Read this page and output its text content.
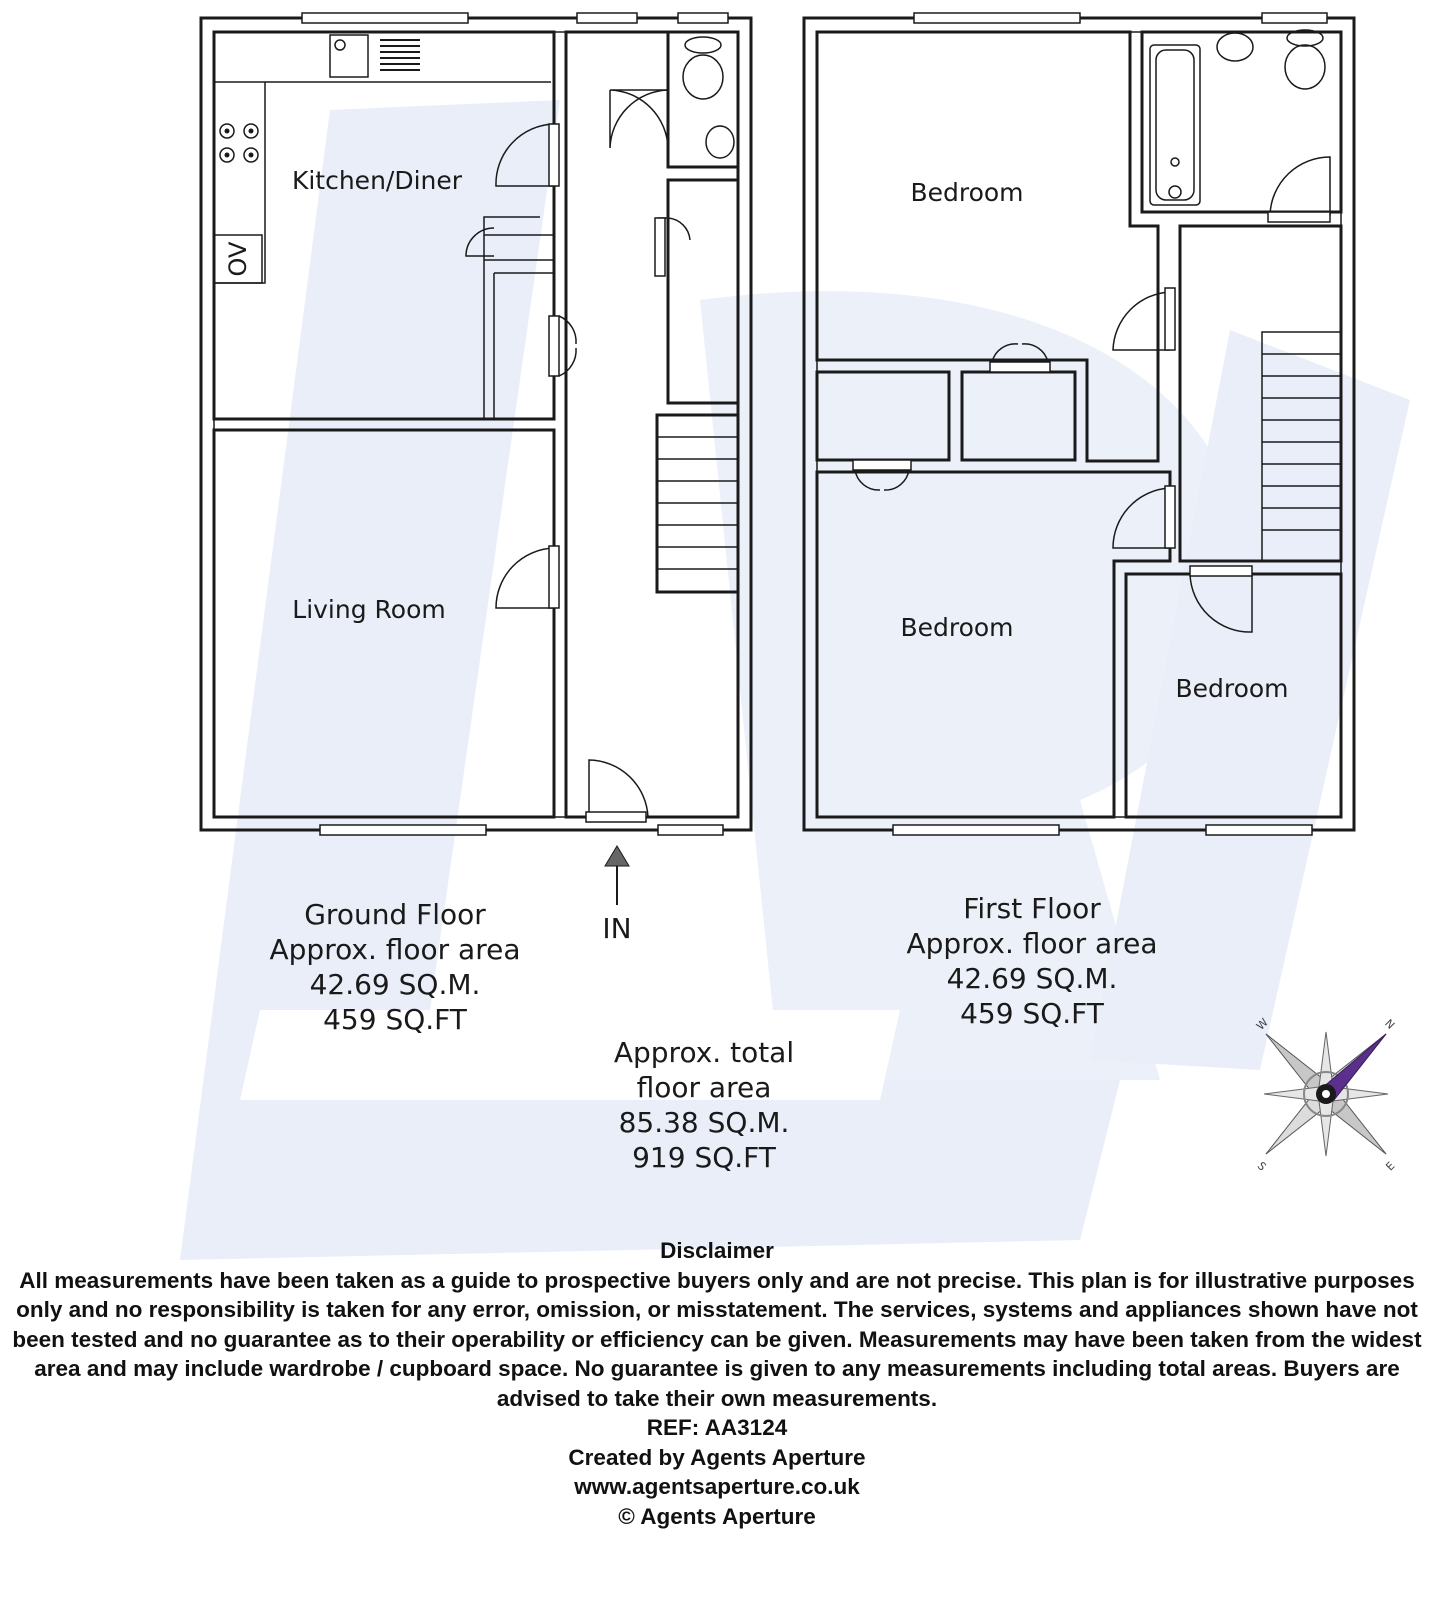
OV
Kitchen/Diner
Living Room
IN
Bedroom
Bedroom
Bedroom
Ground Floor
Approx. floor area
42.69 SQ.M.
459 SQ.FT
First Floor
Approx. floor area
42.69 SQ.M.
459 SQ.FT
Approx. total
floor area
85.38 SQ.M.
919 SQ.FT
N
E
S
W
Disclaimer
All measurements have been taken as a guide to prospective buyers only and are not precise. This plan is for illustrative purposes only and no responsibility is taken for any error, omission, or misstatement. The services, systems and appliances shown have not been tested and no guarantee as to their operability or efficiency can be given. Measurements may have been taken from the widest area and may include wardrobe / cupboard space. No guarantee is given to any measurements including total areas. Buyers are advised to take their own measurements.
REF: AA3124
Created by Agents Aperture
www.agentsaperture.co.uk
© Agents Aperture
